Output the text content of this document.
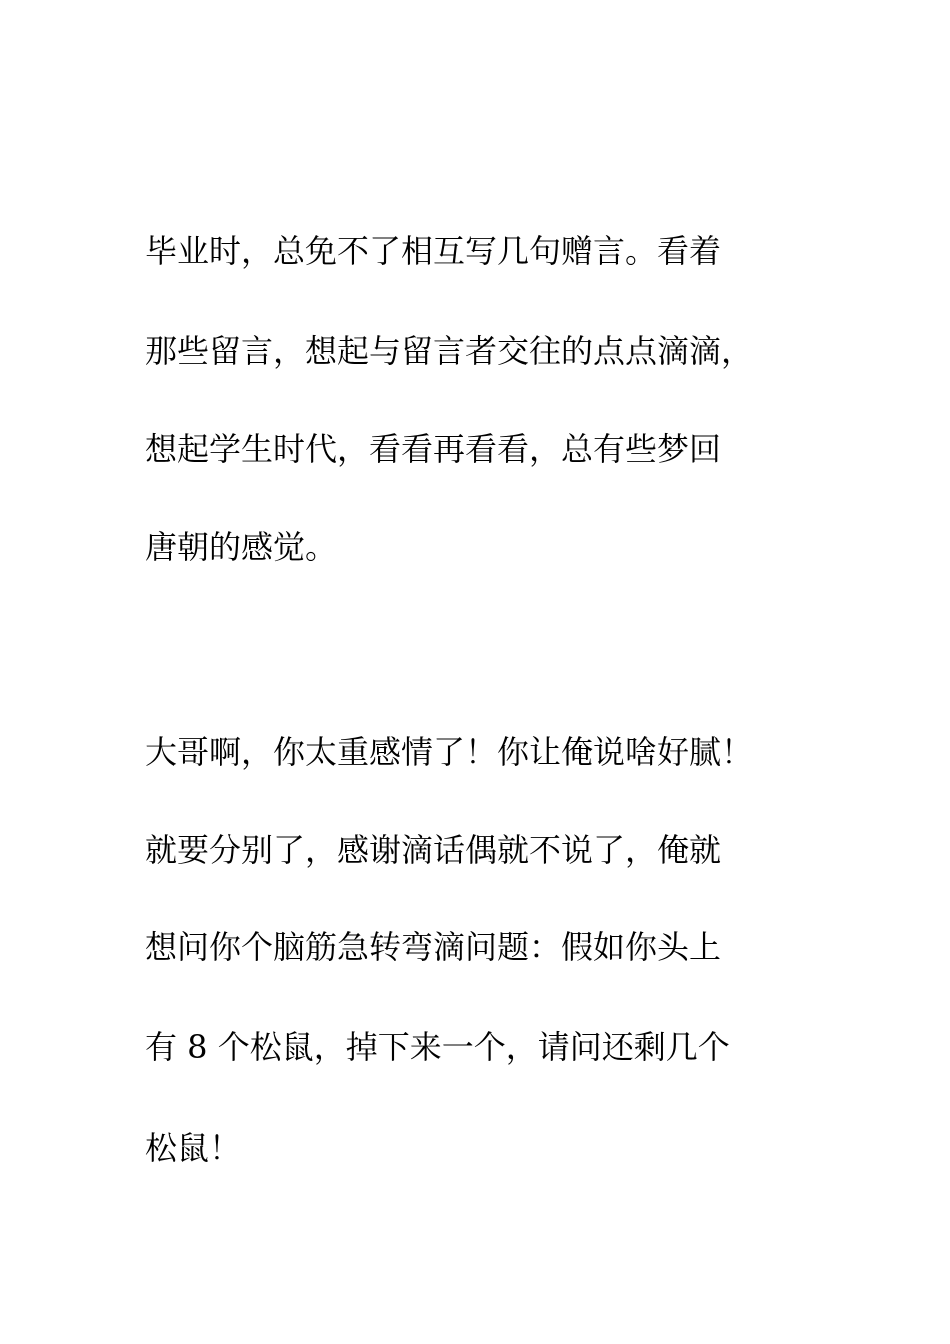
毕业时，总免不了相互写几句赠言。看着
那些留言，想起与留言者交往的点点滴滴，
想起学生时代，看看再看看，总有些梦回
唐朝的感觉。
大哥啊，你太重感情了！你让俺说啥好腻！
就要分别了，感谢滴话偶就不说了，俺就
想问你个脑筋急转弯滴问题：假如你头上
有 8 个松鼠，掉下来一个，请问还剩几个
松鼠！
